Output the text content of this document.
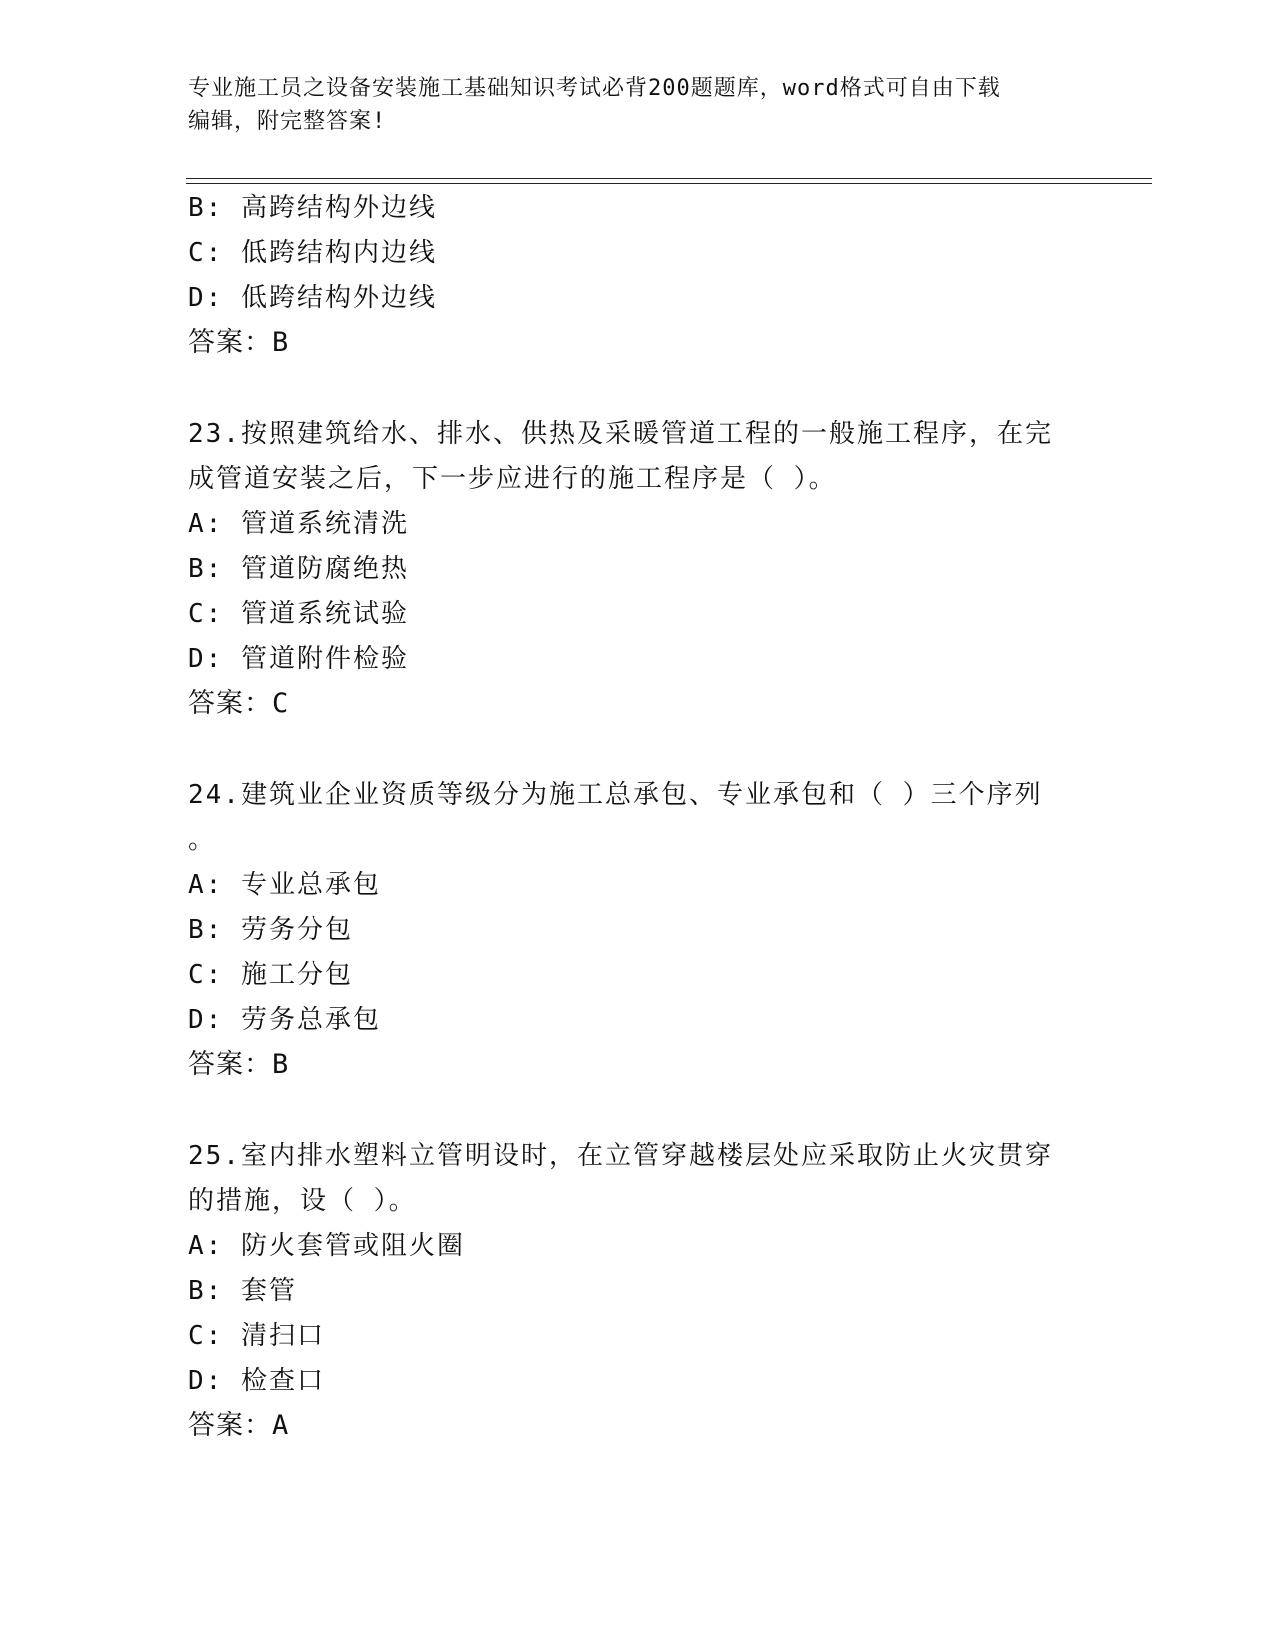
专业施工员之设备安装施工基础知识考试必背200题题库，word格式可自由下载
编辑，附完整答案!
B: 高跨结构外边线
C: 低跨结构内边线
D: 低跨结构外边线
答案：B
23.按照建筑给水、排水、供热及采暖管道工程的一般施工程序，在完
成管道安装之后，下一步应进行的施工程序是（ ）。
A: 管道系统清洗
B: 管道防腐绝热
C: 管道系统试验
D: 管道附件检验
答案：C
24.建筑业企业资质等级分为施工总承包、专业承包和（ ）三个序列
。
A: 专业总承包
B: 劳务分包
C: 施工分包
D: 劳务总承包
答案：B
25.室内排水塑料立管明设时，在立管穿越楼层处应采取防止火灾贯穿
的措施，设（ ）。
A: 防火套管或阻火圈
B: 套管
C: 清扫口
D: 检查口
答案：A
